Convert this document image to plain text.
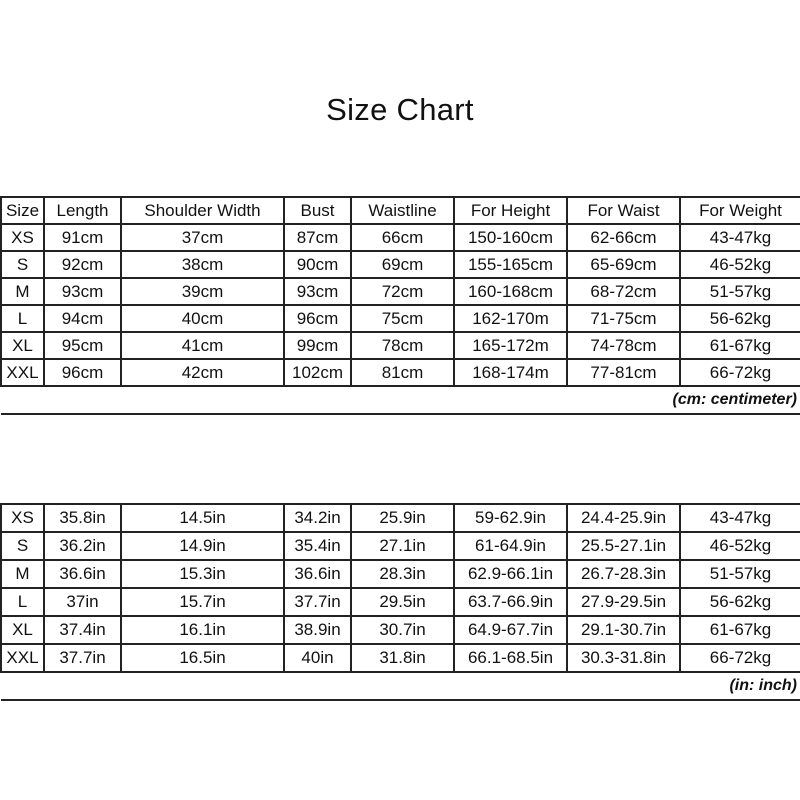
Size Chart
Size	Length	Shoulder Width	Bust	Waistline	For Height	For Waist	For Weight
XS	91cm	37cm	87cm	66cm	150-160cm	62-66cm	43-47kg
S	92cm	38cm	90cm	69cm	155-165cm	65-69cm	46-52kg
M	93cm	39cm	93cm	72cm	160-168cm	68-72cm	51-57kg
L	94cm	40cm	96cm	75cm	162-170m	71-75cm	56-62kg
XL	95cm	41cm	99cm	78cm	165-172m	74-78cm	61-67kg
XXL	96cm	42cm	102cm	81cm	168-174m	77-81cm	66-72kg
(cm: centimeter)							
XS	35.8in	14.5in	34.2in	25.9in	59-62.9in	24.4-25.9in	43-47kg
S	36.2in	14.9in	35.4in	27.1in	61-64.9in	25.5-27.1in	46-52kg
M	36.6in	15.3in	36.6in	28.3in	62.9-66.1in	26.7-28.3in	51-57kg
L	37in	15.7in	37.7in	29.5in	63.7-66.9in	27.9-29.5in	56-62kg
XL	37.4in	16.1in	38.9in	30.7in	64.9-67.7in	29.1-30.7in	61-67kg
XXL	37.7in	16.5in	40in	31.8in	66.1-68.5in	30.3-31.8in	66-72kg
(in: inch)							
